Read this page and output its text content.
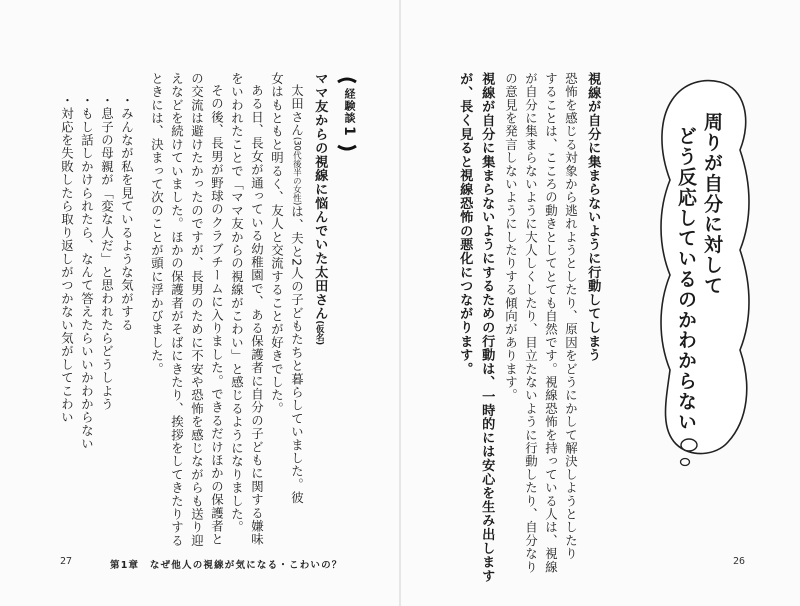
周りが自分に対して
どう反応しているのかわからない
視線が自分に集まらないように行動してしまう
恐怖を感じる対象から逃れようとしたり、原因をどうにかして解決しようとしたり
することは、こころの動きとしてとても自然です。視線恐怖を持っている人は、視線
が自分に集まらないように大人しくしたり、目立たないように行動したり、自分なり
の意見を発言しないようにしたりする傾向があります。
視線が自分に集まらないようにするための行動は、一時的には安心を生み出します
が、長く見ると視線恐怖の悪化につながります。
26
経験談
1
ママ友からの視線に悩んでいた太田さん(仮名)
太田さん(30代後半の女性)は、夫と2人の子どもたちと暮らしていました。彼
女はもともと明るく、友人と交流することが好きでした。
ある日、長女が通っている幼稚園で、ある保護者に自分の子どもに関する嫌味
をいわれたことで「ママ友からの視線がこわい」と感じるようになりました。
その後、長男が野球のクラブチームに入りました。できるだけほかの保護者と
の交流は避けたかったのですが、長男のために不安や恐怖を感じながらも送り迎
えなどを続けていました。ほかの保護者がそばにきたり、挨拶をしてきたりする
ときには、決まって次のことが頭に浮かびました。
・みんなが私を見ているような気がする
・息子の母親が「変な人だ」と思われたらどうしよう
・もし話しかけられたら、なんて答えたらいいかわからない
・対応を失敗したら取り返しがつかない気がしてこわい
27	第1章　なぜ他人の視線が気になる・こわいの？
